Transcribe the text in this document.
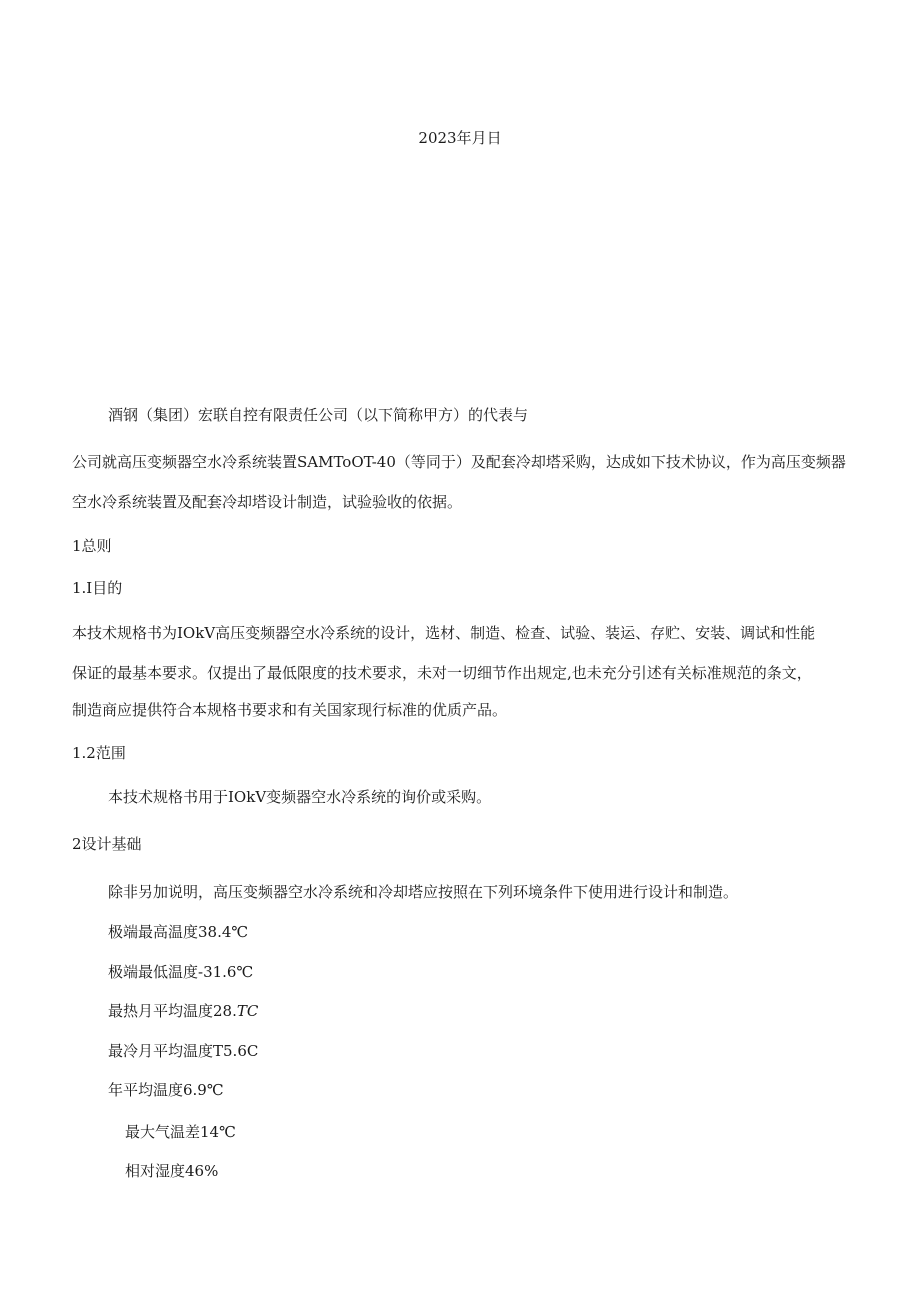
2023年月日
酒钢（集团）宏联自控有限责任公司（以下简称甲方）的代表与
公司就高压变频器空水冷系统装置SAMToOT-40（等同于）及配套冷却塔采购，达成如下技术协议，作为高压变频器
空水冷系统装置及配套冷却塔设计制造，试验验收的依据。
1总则
1.I目的
本技术规格书为IOkV高压变频器空水冷系统的设计，选材、制造、检查、试验、装运、存贮、安装、调试和性能
保证的最基本要求。仅提出了最低限度的技术要求，未对一切细节作出规定,也未充分引述有关标准规范的条文，
制造商应提供符合本规格书要求和有关国家现行标准的优质产品。
1.2范围
本技术规格书用于IOkV变频器空水冷系统的询价或采购。
2设计基础
除非另加说明，高压变频器空水冷系统和冷却塔应按照在下列环境条件下使用进行设计和制造。
极端最高温度38.4℃
极端最低温度-31.6℃
最热月平均温度28.TC
最冷月平均温度T5.6C
年平均温度6.9℃
最大气温差14℃
相对湿度46%
